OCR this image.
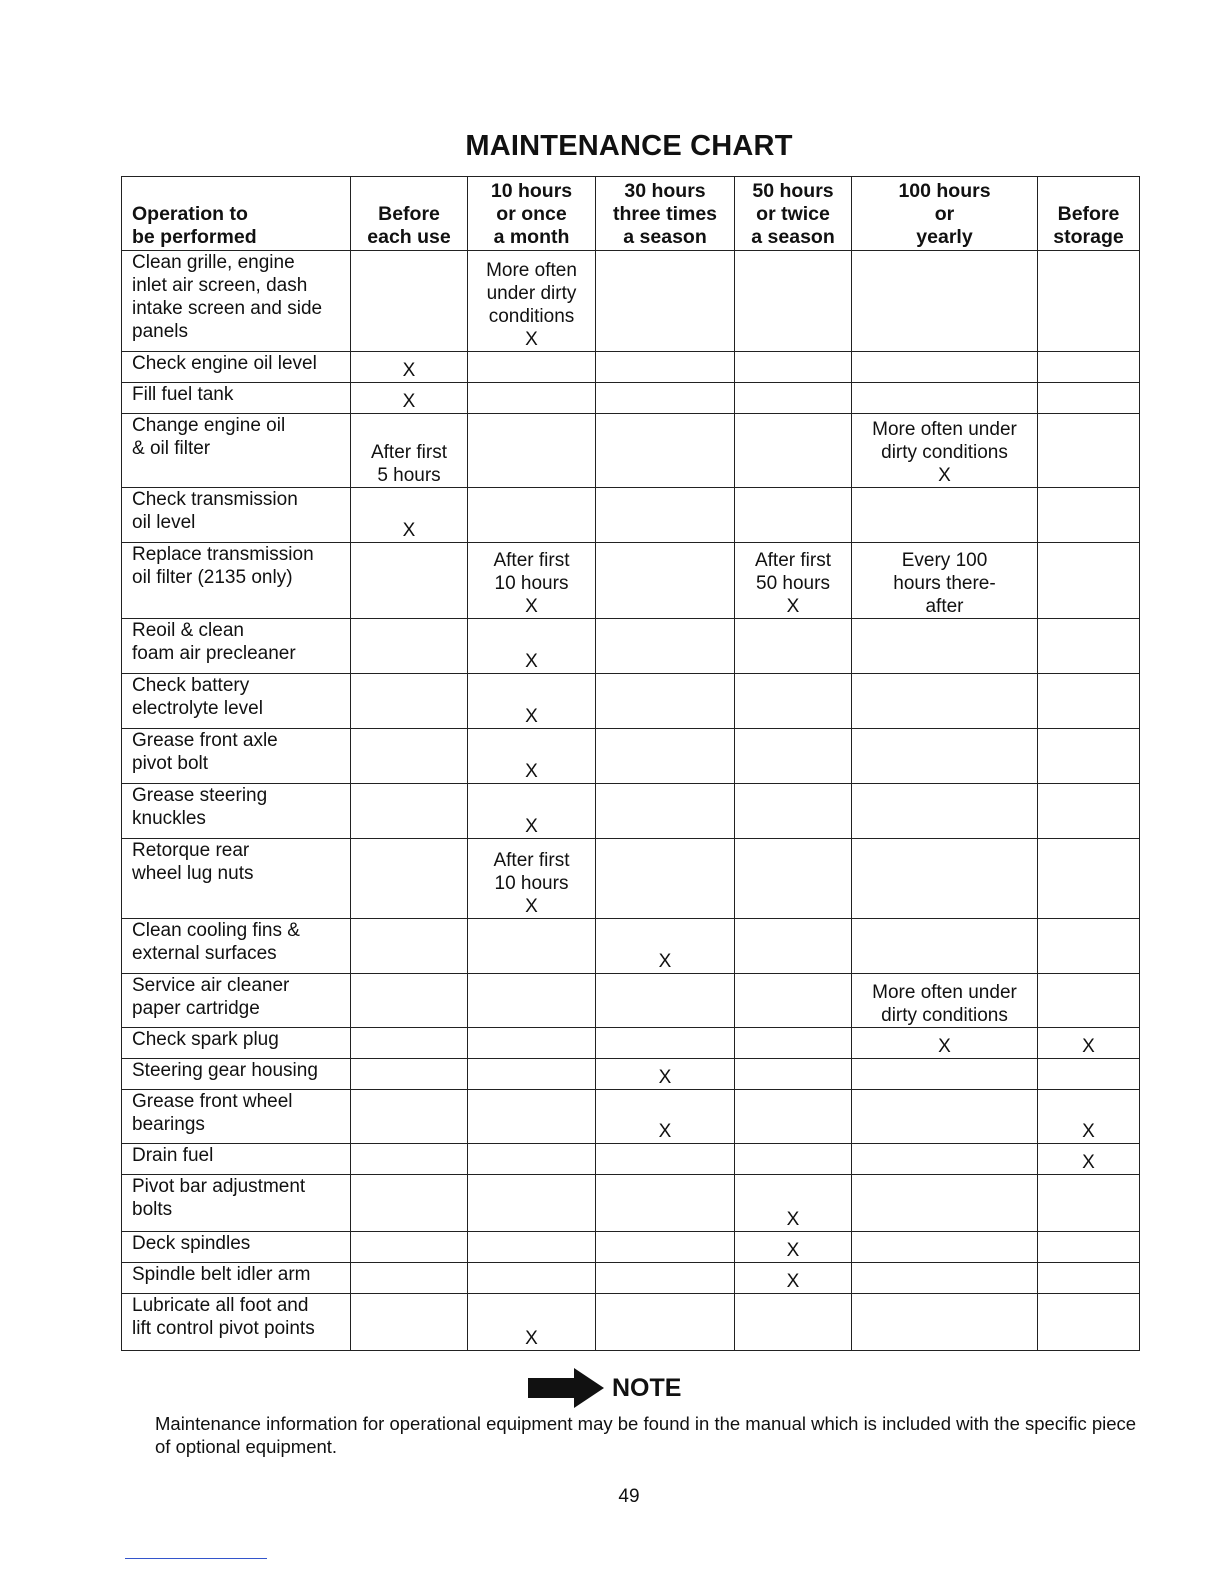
MAINTENANCE CHART
Operation to
be performed	Before
each use	10 hours
or once
a month	30 hours
three times
a season	50 hours
or twice
a season	100 hours
or
yearly	Before
storage

Clean grille, engine
inlet air screen, dash
intake screen and side
panels		More often
under dirty
conditions
X				

Check engine oil level	X					

Fill fuel tank	X					

Change engine oil
& oil filter	After first
5 hours				More often under
dirty conditions
X	

Check transmission
oil level	X					

Replace transmission
oil filter (2135 only)		After first
10 hours
X		After first
50 hours
X	Every 100
hours there-
after	

Reoil & clean
foam air precleaner		X				

Check battery
electrolyte level		X				

Grease front axle
pivot bolt		X				

Grease steering
knuckles		X				

Retorque rear
wheel lug nuts		After first
10 hours
X				

Clean cooling fins &
external surfaces			X			

Service air cleaner
paper cartridge					More often under
dirty conditions	

Check spark plug					X	X

Steering gear housing			X			

Grease front wheel
bearings			X			X

Drain fuel						X

Pivot bar adjustment
bolts				X		

Deck spindles				X		

Spindle belt idler arm				X		

Lubricate all foot and
lift control pivot points		X				

NOTE
Maintenance information for operational equipment may be found in the manual which is included with the specific piece of optional equipment.
49
